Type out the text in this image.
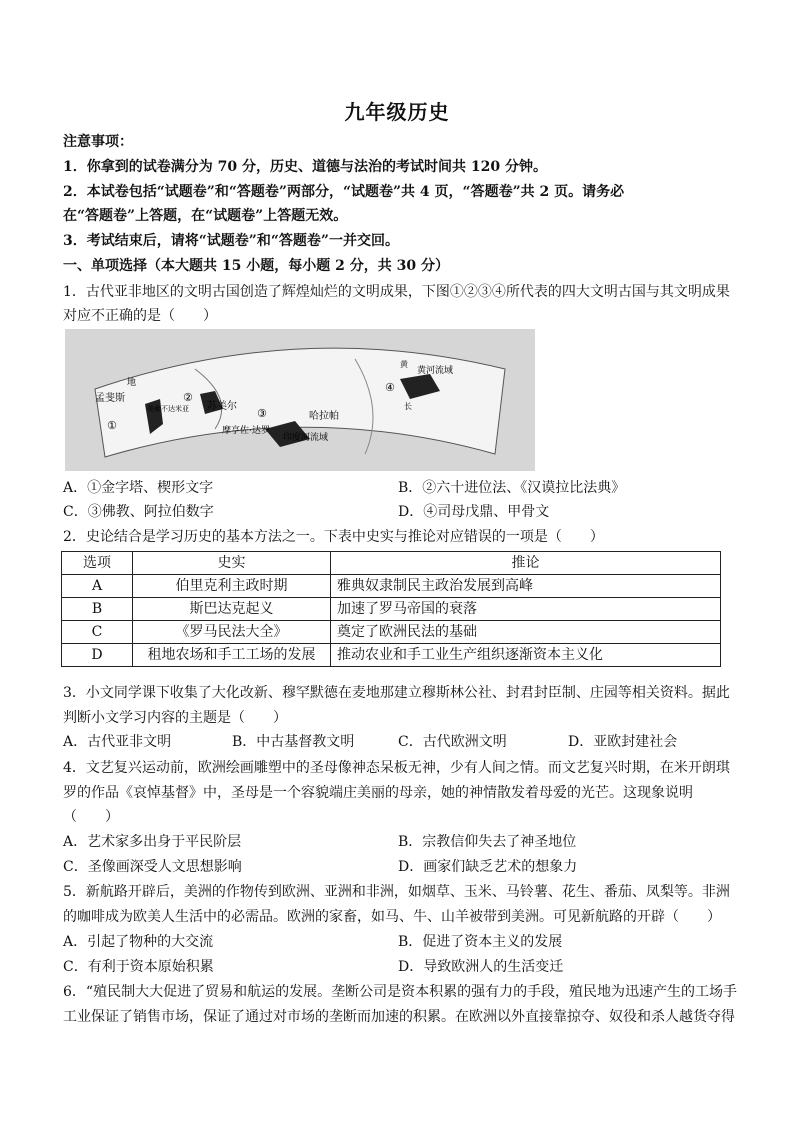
九年级历史
注意事项：
1．你拿到的试卷满分为 70 分，历史、道德与法治的考试时间共 120 分钟。
2．本试卷包括“试题卷”和“答题卷”两部分，“试题卷”共 4 页，“答题卷”共 2 页。请务必
在“答题卷”上答题，在“试题卷”上答题无效。
3．考试结束后，请将“试题卷”和“答题卷”一并交回。
一、单项选择（本大题共 15 小题，每小题 2 分，共 30 分）
1．古代亚非地区的文明古国创造了辉煌灿烂的文明成果，下图①②③④所代表的四大文明古国与其文明成果
对应不正确的是（　　）
孟斐斯
地
美索不达米亚 苏美尔
哈拉帕
摩亨佐·达罗
印度河流域
黄河流域
黄
长
①
②
③
④
A．①金字塔、楔形文字	B．②六十进位法、《汉谟拉比法典》
C．③佛教、阿拉伯数字	D．④司母戊鼎、甲骨文
2．史论结合是学习历史的基本方法之一。下表中史实与推论对应错误的一项是（　　）
选项	史实	推论
A	伯里克利主政时期	雅典奴隶制民主政治发展到高峰
B	斯巴达克起义	加速了罗马帝国的衰落
C	《罗马民法大全》	奠定了欧洲民法的基础
D	租地农场和手工工场的发展	推动农业和手工业生产组织逐渐资本主义化
3．小文同学课下收集了大化改新、穆罕默德在麦地那建立穆斯林公社、封君封臣制、庄园等相关资料。据此
判断小文学习内容的主题是（　　）
A．古代亚非文明	B．中古基督教文明	C．古代欧洲文明	D．亚欧封建社会
4．文艺复兴运动前，欧洲绘画雕塑中的圣母像神态呆板无神，少有人间之情。而文艺复兴时期，在米开朗琪
罗的作品《哀悼基督》中，圣母是一个容貌端庄美丽的母亲，她的神情散发着母爱的光芒。这现象说明
（　　）
A．艺术家多出身于平民阶层	B．宗教信仰失去了神圣地位
C．圣像画深受人文思想影响	D．画家们缺乏艺术的想象力
5．新航路开辟后，美洲的作物传到欧洲、亚洲和非洲，如烟草、玉米、马铃薯、花生、番茄、凤梨等。非洲
的咖啡成为欧美人生活中的必需品。欧洲的家畜，如马、牛、山羊被带到美洲。可见新航路的开辟（　　）
A．引起了物种的大交流	B．促进了资本主义的发展
C．有利于资本原始积累	D．导致欧洲人的生活变迁
6．“殖民制大大促进了贸易和航运的发展。垄断公司是资本积累的强有力的手段，殖民地为迅速产生的工场手
工业保证了销售市场，保证了通过对市场的垄断而加速的积累。在欧洲以外直接靠掠夺、奴役和杀人越货夺得
